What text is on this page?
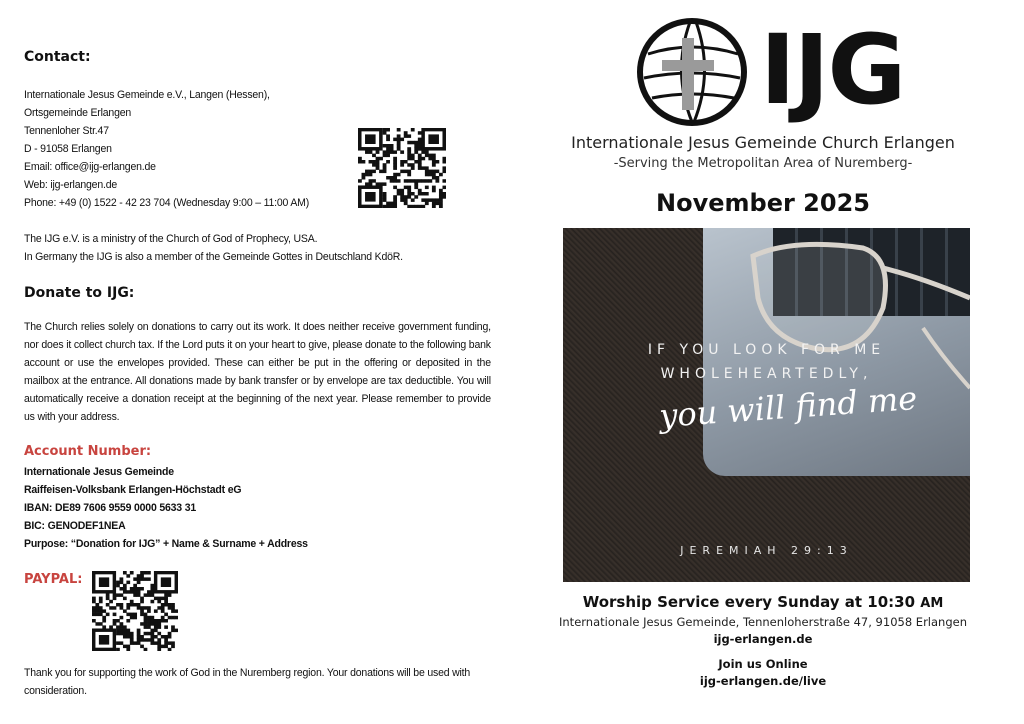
Contact:
Internationale Jesus Gemeinde e.V., Langen (Hessen),
Ortsgemeinde Erlangen
Tennenloher Str.47
D - 91058 Erlangen
Email: office@ijg-erlangen.de
Web: ijg-erlangen.de
Phone: +49 (0) 1522 - 42 23 704 (Wednesday 9:00 – 11:00 AM)
The IJG e.V. is a ministry of the Church of God of Prophecy, USA.
In Germany the IJG is also a member of the Gemeinde Gottes in Deutschland KdöR.
Donate to IJG:
The Church relies solely on donations to carry out its work. It does neither receive government funding, nor does it collect church tax. If the Lord puts it on your heart to give, please donate to the following bank account or use the envelopes provided. These can either be put in the offering or deposited in the mailbox at the entrance. All donations made by bank transfer or by envelope are tax deductible. You will automatically receive a donation receipt at the beginning of the next year. Please remember to provide us with your address.
Account Number:
Internationale Jesus Gemeinde
Raiffeisen-Volksbank Erlangen-Höchstadt eG
IBAN: DE89 7606 9559 0000 5633 31
BIC: GENODEF1NEA
Purpose: “Donation for IJG” + Name & Surname + Address
PAYPAL:
Thank you for supporting the work of God in the Nuremberg region. Your donations will be used with consideration.
IJG
Internationale Jesus Gemeinde Church Erlangen
-Serving the Metropolitan Area of Nuremberg-
November 2025
IF YOU LOOK FOR ME
WHOLEHEARTEDLY,
you will find me
JEREMIAH 29:13
Worship Service every Sunday at 10:30 AM
Internationale Jesus Gemeinde, Tennenloherstraße 47, 91058 Erlangen
ijg-erlangen.de
Join us Online
ijg-erlangen.de/live
